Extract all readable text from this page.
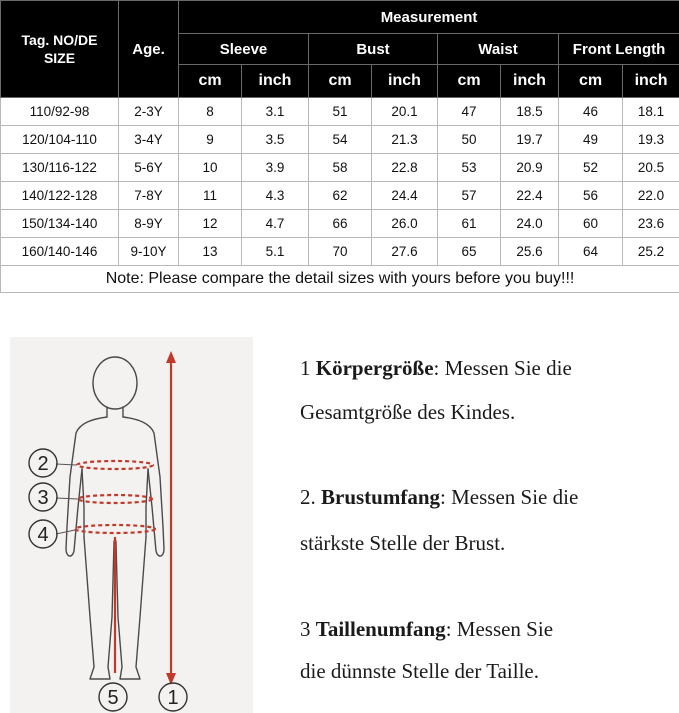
Tag. NO/DE
SIZE	Age.	Measurement							
		Sleeve		Bust		Waist		Front Length	
		cm	inch	cm	inch	cm	inch	cm	inch
110/92-98	2-3Y	8	3.1	51	20.1	47	18.5	46	18.1
120/104-110	3-4Y	9	3.5	54	21.3	50	19.7	49	19.3
130/116-122	5-6Y	10	3.9	58	22.8	53	20.9	52	20.5
140/122-128	7-8Y	11	4.3	62	24.4	57	22.4	56	22.0
150/134-140	8-9Y	12	4.7	66	26.0	61	24.0	60	23.6
160/140-146	9-10Y	13	5.1	70	27.6	65	25.6	64	25.2
Note: Please compare the detail sizes with yours before you buy!!!									
2
3
4
5 1
1 Körpergröße: Messen Sie die
Gesamtgröße des Kindes.
2. Brustumfang: Messen Sie die
stärkste Stelle der Brust.
3 Taillenumfang: Messen Sie
die dünnste Stelle der Taille.
